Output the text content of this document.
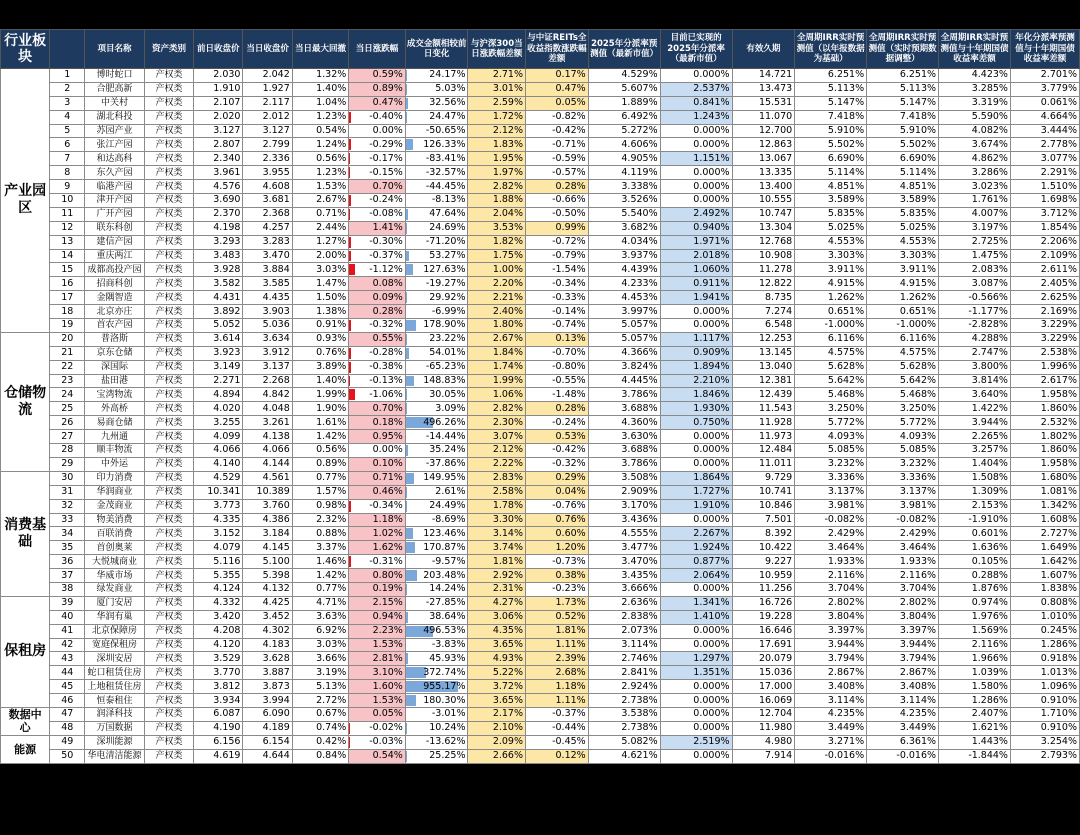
行业板块		项目名称	资产类别	前日收盘价	当日收盘价	当日最大回撤	当日涨跌幅	成交金额相较前日变化	与沪深300当日涨跌幅差额	与中证REITs全收益指数涨跌幅差额	2025年分派率预测值（最新市值）	目前已实现的2025年分派率（最新市值）	有效久期	全周期IRR实时预测值（以年报数据为基础）	全周期IRR实时预测值（实时预期数据调整）	全周期IRR实时预测值与十年期国债收益率差额	年化分派率预测值与十年期国债收益率差额
产业园区	1	博时蛇口	产权类	2.030	2.042	1.32%	0.59%	24.17%	2.71%	0.17%	4.529%	0.000%	14.721	6.251%	6.251%	4.423%	2.701%
	2	合肥高新	产权类	1.910	1.927	1.40%	0.89%	5.03%	3.01%	0.47%	5.607%	2.537%	13.473	5.113%	5.113%	3.285%	3.779%
	3	中关村	产权类	2.107	2.117	1.04%	0.47%	32.56%	2.59%	0.05%	1.889%	0.841%	15.531	5.147%	5.147%	3.319%	0.061%
	4	湖北科投	产权类	2.020	2.012	1.23%	-0.40%	24.47%	1.72%	-0.82%	6.492%	1.243%	11.070	7.418%	7.418%	5.590%	4.664%
	5	苏园产业	产权类	3.127	3.127	0.54%	0.00%	-50.65%	2.12%	-0.42%	5.272%	0.000%	12.700	5.910%	5.910%	4.082%	3.444%
	6	张江产园	产权类	2.807	2.799	1.24%	-0.29%	126.33%	1.83%	-0.71%	4.606%	0.000%	12.863	5.502%	5.502%	3.674%	2.778%
	7	和达高科	产权类	2.340	2.336	0.56%	-0.17%	-83.41%	1.95%	-0.59%	4.905%	1.151%	13.067	6.690%	6.690%	4.862%	3.077%
	8	东久产园	产权类	3.961	3.955	1.23%	-0.15%	-32.57%	1.97%	-0.57%	4.119%	0.000%	13.335	5.114%	5.114%	3.286%	2.291%
	9	临港产园	产权类	4.576	4.608	1.53%	0.70%	-44.45%	2.82%	0.28%	3.338%	0.000%	13.400	4.851%	4.851%	3.023%	1.510%
	10	津开产园	产权类	3.690	3.681	2.67%	-0.24%	-8.13%	1.88%	-0.66%	3.526%	0.000%	10.555	3.589%	3.589%	1.761%	1.698%
	11	广开产园	产权类	2.370	2.368	0.71%	-0.08%	47.64%	2.04%	-0.50%	5.540%	2.492%	10.747	5.835%	5.835%	4.007%	3.712%
	12	联东科创	产权类	4.198	4.257	2.44%	1.41%	24.69%	3.53%	0.99%	3.682%	0.940%	13.304	5.025%	5.025%	3.197%	1.854%
	13	建信产园	产权类	3.293	3.283	1.27%	-0.30%	-71.20%	1.82%	-0.72%	4.034%	1.971%	12.768	4.553%	4.553%	2.725%	2.206%
	14	重庆两江	产权类	3.483	3.470	2.00%	-0.37%	53.27%	1.75%	-0.79%	3.937%	2.018%	10.908	3.303%	3.303%	1.475%	2.109%
	15	成都高投产园	产权类	3.928	3.884	3.03%	-1.12%	127.63%	1.00%	-1.54%	4.439%	1.060%	11.278	3.911%	3.911%	2.083%	2.611%
	16	招商科创	产权类	3.582	3.585	1.47%	0.08%	-19.27%	2.20%	-0.34%	4.233%	0.911%	12.822	4.915%	4.915%	3.087%	2.405%
	17	金隅智造	产权类	4.431	4.435	1.50%	0.09%	29.92%	2.21%	-0.33%	4.453%	1.941%	8.735	1.262%	1.262%	-0.566%	2.625%
	18	北京亦庄	产权类	3.892	3.903	1.38%	0.28%	-6.99%	2.40%	-0.14%	3.997%	0.000%	7.274	0.651%	0.651%	-1.177%	2.169%
	19	首农产园	产权类	5.052	5.036	0.91%	-0.32%	178.90%	1.80%	-0.74%	5.057%	0.000%	6.548	-1.000%	-1.000%	-2.828%	3.229%
仓储物流	20	普洛斯	产权类	3.614	3.634	0.93%	0.55%	23.22%	2.67%	0.13%	5.057%	1.117%	12.253	6.116%	6.116%	4.288%	3.229%
	21	京东仓储	产权类	3.923	3.912	0.76%	-0.28%	54.01%	1.84%	-0.70%	4.366%	0.909%	13.145	4.575%	4.575%	2.747%	2.538%
	22	深国际	产权类	3.149	3.137	3.89%	-0.38%	-65.23%	1.74%	-0.80%	3.824%	1.894%	13.040	5.628%	5.628%	3.800%	1.996%
	23	盐田港	产权类	2.271	2.268	1.40%	-0.13%	148.83%	1.99%	-0.55%	4.445%	2.210%	12.381	5.642%	5.642%	3.814%	2.617%
	24	宝湾物流	产权类	4.894	4.842	1.99%	-1.06%	30.05%	1.06%	-1.48%	3.786%	1.846%	12.439	5.468%	5.468%	3.640%	1.958%
	25	外高桥	产权类	4.020	4.048	1.90%	0.70%	3.09%	2.82%	0.28%	3.688%	1.930%	11.543	3.250%	3.250%	1.422%	1.860%
	26	易商仓储	产权类	3.255	3.261	1.61%	0.18%	496.26%	2.30%	-0.24%	4.360%	0.750%	11.928	5.772%	5.772%	3.944%	2.532%
	27	九州通	产权类	4.099	4.138	1.42%	0.95%	-14.44%	3.07%	0.53%	3.630%	0.000%	11.973	4.093%	4.093%	2.265%	1.802%
	28	顺丰物流	产权类	4.066	4.066	0.56%	0.00%	35.24%	2.12%	-0.42%	3.688%	0.000%	12.484	5.085%	5.085%	3.257%	1.860%
	29	中外运	产权类	4.140	4.144	0.89%	0.10%	-37.86%	2.22%	-0.32%	3.786%	0.000%	11.011	3.232%	3.232%	1.404%	1.958%
消费基础	30	印力消费	产权类	4.529	4.561	0.77%	0.71%	149.95%	2.83%	0.29%	3.508%	1.864%	9.729	3.336%	3.336%	1.508%	1.680%
	31	华润商业	产权类	10.341	10.389	1.57%	0.46%	2.61%	2.58%	0.04%	2.909%	1.727%	10.741	3.137%	3.137%	1.309%	1.081%
	32	金茂商业	产权类	3.773	3.760	0.98%	-0.34%	24.49%	1.78%	-0.76%	3.170%	1.910%	10.846	3.981%	3.981%	2.153%	1.342%
	33	物美消费	产权类	4.335	4.386	2.32%	1.18%	-8.69%	3.30%	0.76%	3.436%	0.000%	7.501	-0.082%	-0.082%	-1.910%	1.608%
	34	百联消费	产权类	3.152	3.184	0.88%	1.02%	123.46%	3.14%	0.60%	4.555%	2.267%	8.392	2.429%	2.429%	0.601%	2.727%
	35	首创奥莱	产权类	4.079	4.145	3.37%	1.62%	170.87%	3.74%	1.20%	3.477%	1.924%	10.422	3.464%	3.464%	1.636%	1.649%
	36	大悦城商业	产权类	5.116	5.100	1.46%	-0.31%	-9.57%	1.81%	-0.73%	3.470%	0.877%	9.227	1.933%	1.933%	0.105%	1.642%
	37	华威市场	产权类	5.355	5.398	1.42%	0.80%	203.48%	2.92%	0.38%	3.435%	2.064%	10.959	2.116%	2.116%	0.288%	1.607%
	38	绿发商业	产权类	4.124	4.132	0.77%	0.19%	14.24%	2.31%	-0.23%	3.666%	0.000%	11.256	3.704%	3.704%	1.876%	1.838%
保租房	39	厦门安居	产权类	4.332	4.425	4.71%	2.15%	-27.85%	4.27%	1.73%	2.636%	1.341%	16.726	2.802%	2.802%	0.974%	0.808%
	40	华润有巢	产权类	3.420	3.452	3.63%	0.94%	38.64%	3.06%	0.52%	2.838%	1.410%	19.228	3.804%	3.804%	1.976%	1.010%
	41	北京保障房	产权类	4.208	4.302	6.92%	2.23%	496.53%	4.35%	1.81%	2.073%	0.000%	16.646	3.397%	3.397%	1.569%	0.245%
	42	宽庭保租房	产权类	4.120	4.183	3.03%	1.53%	-3.83%	3.65%	1.11%	3.114%	0.000%	17.691	3.944%	3.944%	2.116%	1.286%
	43	深圳安居	产权类	3.529	3.628	3.66%	2.81%	45.93%	4.93%	2.39%	2.746%	1.297%	20.079	3.794%	3.794%	1.966%	0.918%
	44	蛇口租赁住房	产权类	3.770	3.887	3.19%	3.10%	372.74%	5.22%	2.68%	2.841%	1.351%	15.036	2.867%	2.867%	1.039%	1.013%
	45	上地租赁住房	产权类	3.812	3.873	5.13%	1.60%	955.17%	3.72%	1.18%	2.924%	0.000%	17.000	3.408%	3.408%	1.580%	1.096%
	46	恒泰租住	产权类	3.934	3.994	2.72%	1.53%	180.30%	3.65%	1.11%	2.738%	0.000%	16.069	3.114%	3.114%	1.286%	0.910%
数据中心	47	润泽科技	产权类	6.087	6.090	0.67%	0.05%	-3.01%	2.17%	-0.37%	3.538%	0.000%	12.704	4.235%	4.235%	2.407%	1.710%
	48	万国数据	产权类	4.190	4.189	0.74%	-0.02%	10.24%	2.10%	-0.44%	2.738%	0.000%	11.980	3.449%	3.449%	1.621%	0.910%
能源	49	深圳能源	产权类	6.156	6.154	0.42%	-0.03%	-13.62%	2.09%	-0.45%	5.082%	2.519%	4.980	3.271%	6.361%	1.443%	3.254%
	50	华电清洁能源	产权类	4.619	4.644	0.84%	0.54%	25.25%	2.66%	0.12%	4.621%	0.000%	7.914	-0.016%	-0.016%	-1.844%	2.793%
